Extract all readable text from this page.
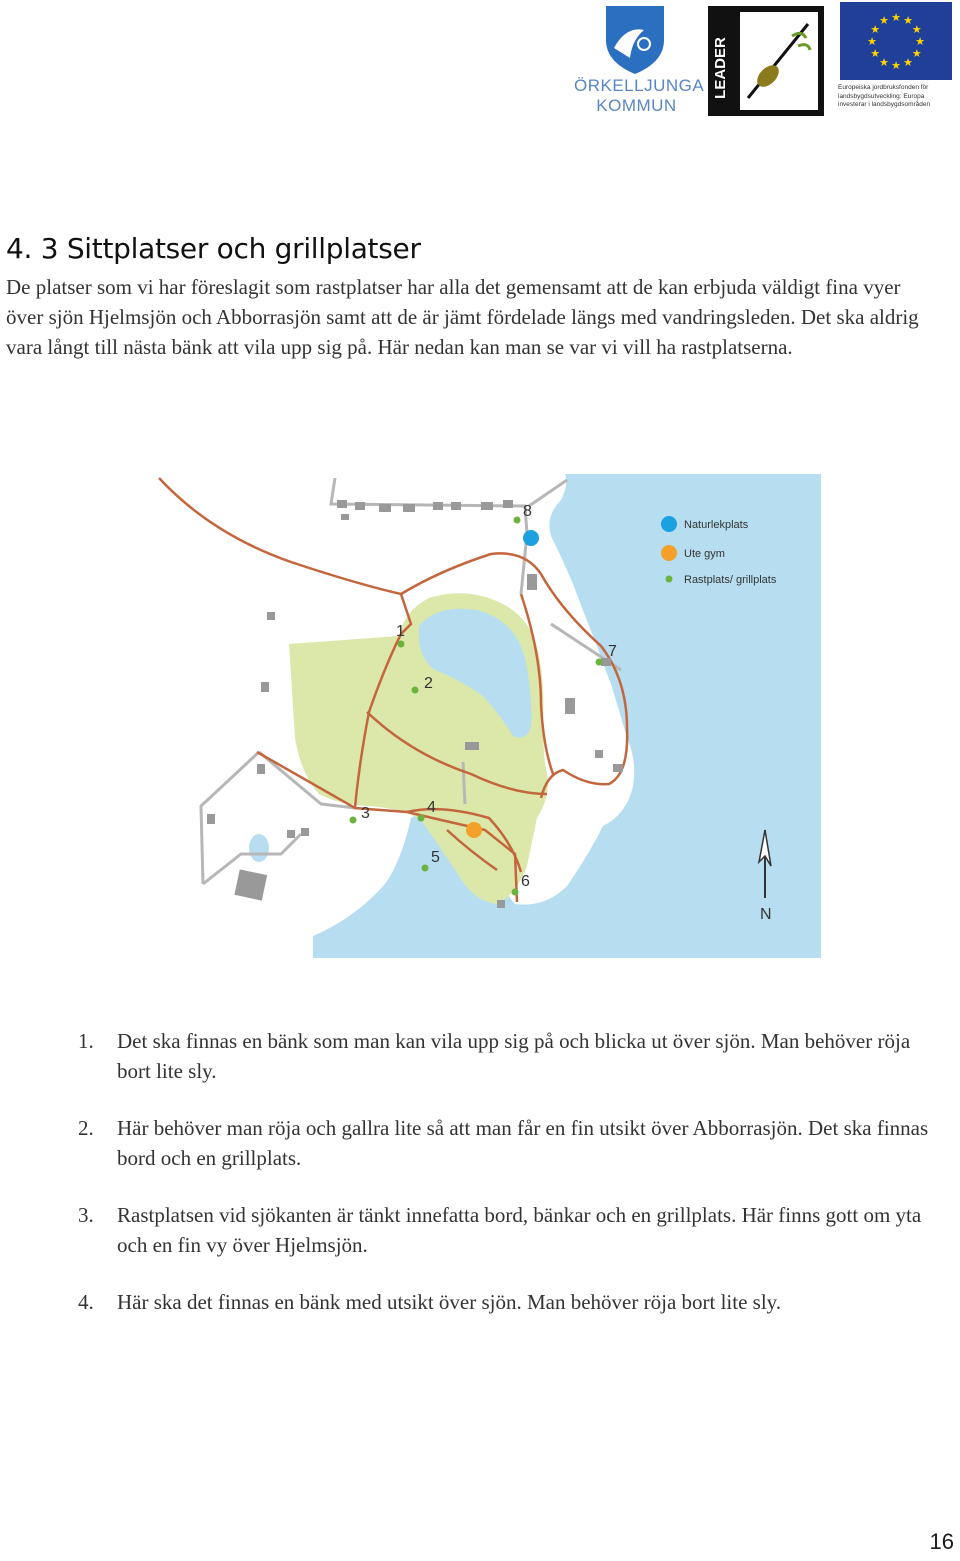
ÖRKELLJUNGA
KOMMUN
LEADER	★
★
★
★
★
★
★
★
★ ★ ★
★
Europeiska jordbruksfonden för
landsbygdsutveckling: Europa
investerar i landsbygdsområden
4. 3 Sittplatser och grillplatser

De platser som vi har föreslagit som rastplatser har alla det gemensamt att de kan erbjuda väldigt fina vyer över sjön Hjelmsjön och Abborrasjön samt att de är jämt fördelade längs med vandringsleden. Det ska aldrig vara långt till nästa bänk att vila upp sig på. Här nedan kan man se var vi vill ha rastplatserna.

Naturlekplats
Ute gym
Rastplats/ grillplats
1
2
3	4
5
6
7
8
N
1. Det ska finnas en bänk som man kan vila upp sig på och blicka ut över sjön. Man behöver röja bort lite sly.
2. Här behöver man röja och gallra lite så att man får en fin utsikt över Abborrasjön. Det ska finnas bord och en grillplats.
3. Rastplatsen vid sjökanten är tänkt innefatta bord, bänkar och en grillplats. Här finns gott om yta och en fin vy över Hjelmsjön.
4. Här ska det finnas en bänk med utsikt över sjön. Man behöver röja bort lite sly.
16
